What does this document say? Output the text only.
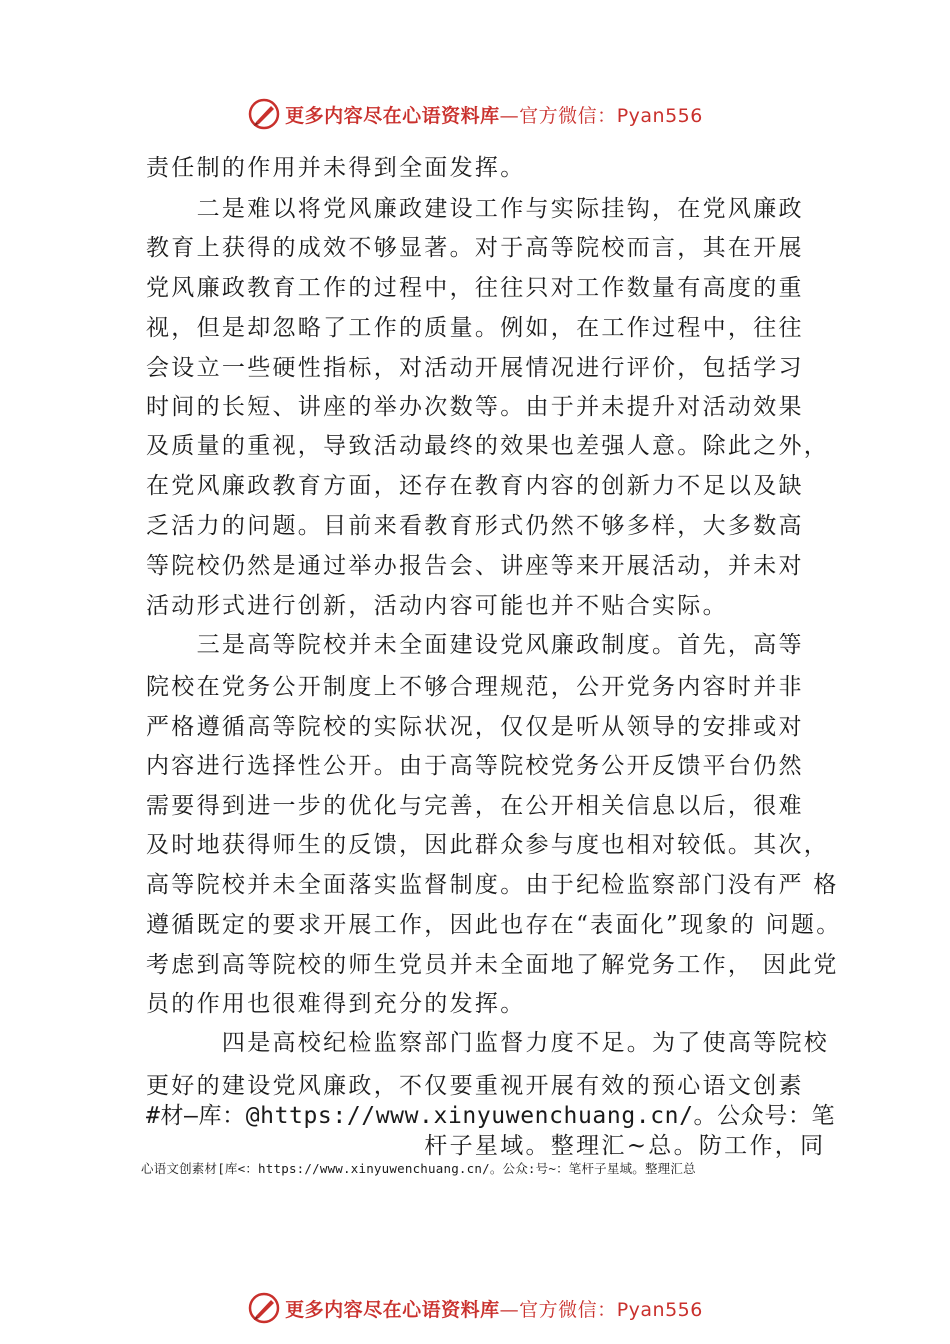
更多内容尽在心语资料库—官方微信：Pyan556
责任制的作用并未得到全面发挥。
　　二是难以将党风廉政建设工作与实际挂钩，在党风廉政
教育上获得的成效不够显著。对于高等院校而言，其在开展
党风廉政教育工作的过程中，往往只对工作数量有高度的重
视，但是却忽略了工作的质量。例如，在工作过程中，往往
会设立一些硬性指标，对活动开展情况进行评价，包括学习
时间的长短、讲座的举办次数等。由于并未提升对活动效果
及质量的重视，导致活动最终的效果也差强人意。除此之外，
在党风廉政教育方面，还存在教育内容的创新力不足以及缺
乏活力的问题。目前来看教育形式仍然不够多样，大多数高
等院校仍然是通过举办报告会、讲座等来开展活动，并未对
活动形式进行创新，活动内容可能也并不贴合实际。
　　三是高等院校并未全面建设党风廉政制度。首先，高等
院校在党务公开制度上不够合理规范，公开党务内容时并非
严格遵循高等院校的实际状况，仅仅是听从领导的安排或对
内容进行选择性公开。由于高等院校党务公开反馈平台仍然
需要得到进一步的优化与完善，在公开相关信息以后，很难
及时地获得师生的反馈，因此群众参与度也相对较低。其次，
高等院校并未全面落实监督制度。由于纪检监察部门没有严 格
遵循既定的要求开展工作，因此也存在“表面化”现象的 问题。
考虑到高等院校的师生党员并未全面地了解党务工作， 因此党
员的作用也很难得到充分的发挥。
　　　四是高校纪检监察部门监督力度不足。为了使高等院校
更好的建设党风廉政，不仅要重视开展有效的预心语文创素
#材—库：@https://www.xinyuwenchuang.cn/。公众号：笔
　　　　　　　　　　　杆子星域。整理汇~总。防工作，同
心语文创素材[库<：https://www.xinyuwenchuang.cn/。公众:号~：笔杆子星域。整理汇总
更多内容尽在心语资料库—官方微信：Pyan556
